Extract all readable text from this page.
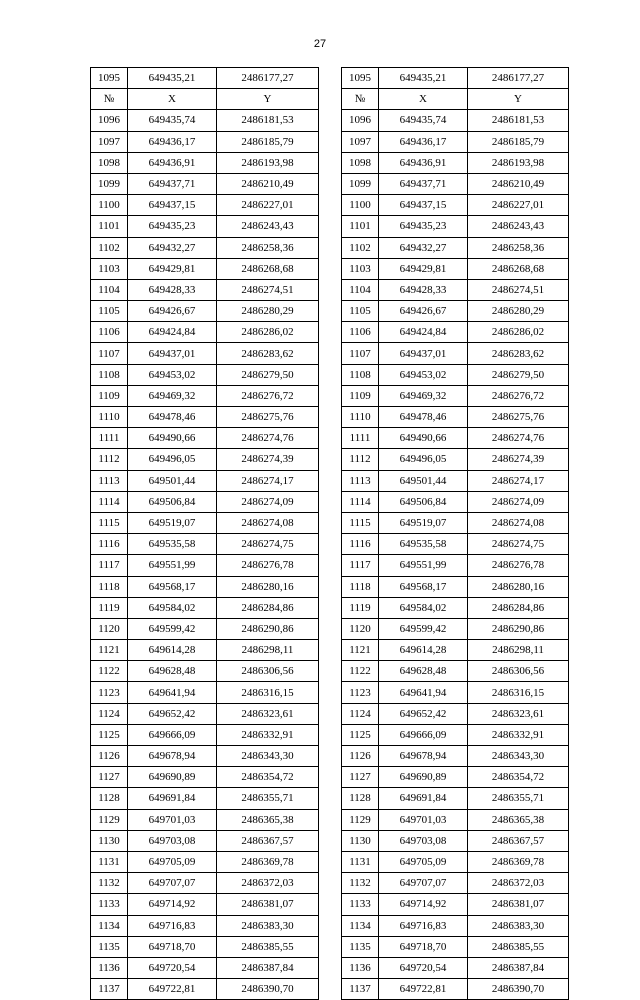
27
1095	649435,21	2486177,27		1095	649435,21	2486177,27
№	X	Y		№	X	Y
1096	649435,74	2486181,53		1096	649435,74	2486181,53
1097	649436,17	2486185,79		1097	649436,17	2486185,79
1098	649436,91	2486193,98		1098	649436,91	2486193,98
1099	649437,71	2486210,49		1099	649437,71	2486210,49
1100	649437,15	2486227,01		1100	649437,15	2486227,01
1101	649435,23	2486243,43		1101	649435,23	2486243,43
1102	649432,27	2486258,36		1102	649432,27	2486258,36
1103	649429,81	2486268,68		1103	649429,81	2486268,68
1104	649428,33	2486274,51		1104	649428,33	2486274,51
1105	649426,67	2486280,29		1105	649426,67	2486280,29
1106	649424,84	2486286,02		1106	649424,84	2486286,02
1107	649437,01	2486283,62		1107	649437,01	2486283,62
1108	649453,02	2486279,50		1108	649453,02	2486279,50
1109	649469,32	2486276,72		1109	649469,32	2486276,72
1110	649478,46	2486275,76		1110	649478,46	2486275,76
1111	649490,66	2486274,76		1111	649490,66	2486274,76
1112	649496,05	2486274,39		1112	649496,05	2486274,39
1113	649501,44	2486274,17		1113	649501,44	2486274,17
1114	649506,84	2486274,09		1114	649506,84	2486274,09
1115	649519,07	2486274,08		1115	649519,07	2486274,08
1116	649535,58	2486274,75		1116	649535,58	2486274,75
1117	649551,99	2486276,78		1117	649551,99	2486276,78
1118	649568,17	2486280,16		1118	649568,17	2486280,16
1119	649584,02	2486284,86		1119	649584,02	2486284,86
1120	649599,42	2486290,86		1120	649599,42	2486290,86
1121	649614,28	2486298,11		1121	649614,28	2486298,11
1122	649628,48	2486306,56		1122	649628,48	2486306,56
1123	649641,94	2486316,15		1123	649641,94	2486316,15
1124	649652,42	2486323,61		1124	649652,42	2486323,61
1125	649666,09	2486332,91		1125	649666,09	2486332,91
1126	649678,94	2486343,30		1126	649678,94	2486343,30
1127	649690,89	2486354,72		1127	649690,89	2486354,72
1128	649691,84	2486355,71		1128	649691,84	2486355,71
1129	649701,03	2486365,38		1129	649701,03	2486365,38
1130	649703,08	2486367,57		1130	649703,08	2486367,57
1131	649705,09	2486369,78		1131	649705,09	2486369,78
1132	649707,07	2486372,03		1132	649707,07	2486372,03
1133	649714,92	2486381,07		1133	649714,92	2486381,07
1134	649716,83	2486383,30		1134	649716,83	2486383,30
1135	649718,70	2486385,55		1135	649718,70	2486385,55
1136	649720,54	2486387,84		1136	649720,54	2486387,84
1137	649722,81	2486390,70		1137	649722,81	2486390,70
